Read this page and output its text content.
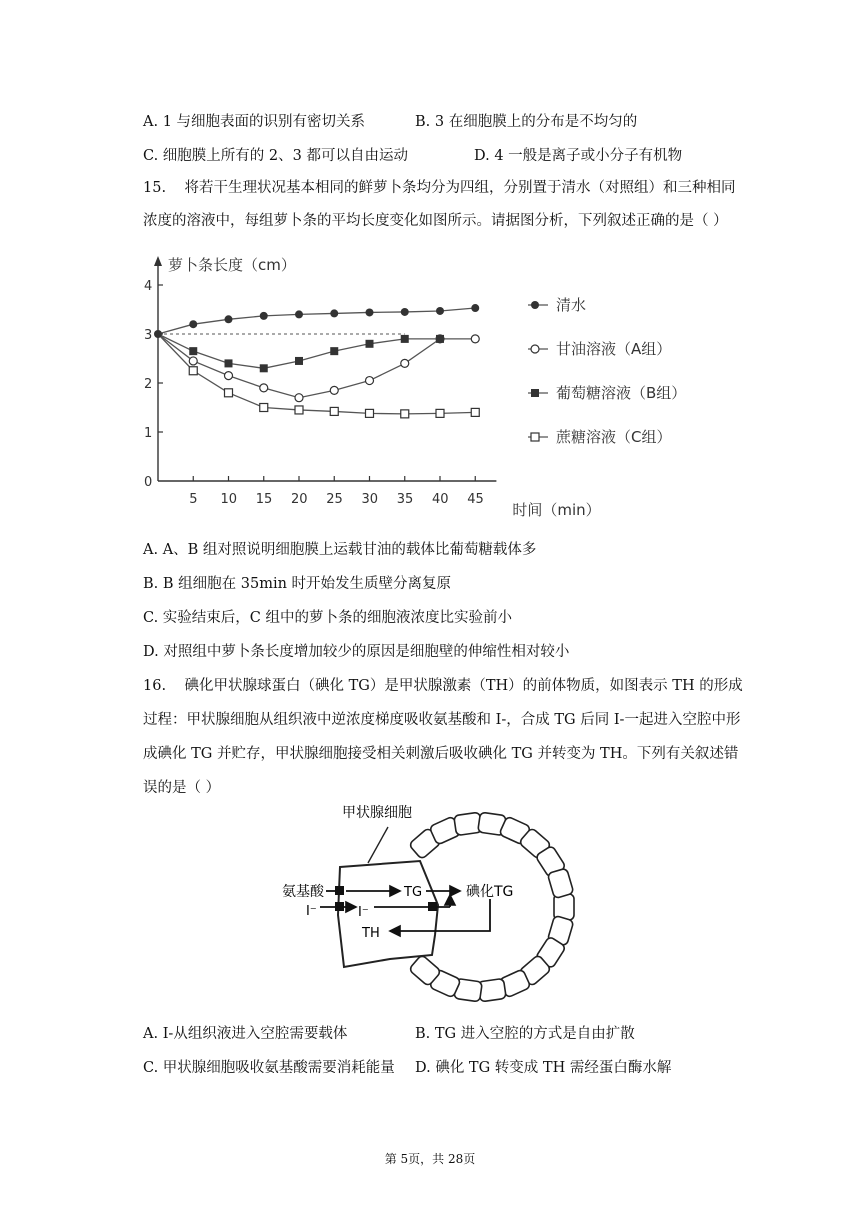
A. 1 与细胞表面的识别有密切关系	B. 3 在细胞膜上的分布是不均匀的
C. 细胞膜上所有的 2、3 都可以自由运动	D. 4 一般是离子或小分子有机物
15. 将若干生理状况基本相同的鲜萝卜条均分为四组，分别置于清水（对照组）和三种相同
浓度的溶液中，每组萝卜条的平均长度变化如图所示。请据图分析，下列叙述正确的是（ ）
萝卜条长度（cm）
时间（min）
0
1
2
3
4
5 10 15 20 25 30 35 40 45
清水
甘油溶液（A组）
葡萄糖溶液（B组）
蔗糖溶液（C组）
A. A、B 组对照说明细胞膜上运载甘油的载体比葡萄糖载体多
B. B 组细胞在 35min 时开始发生质壁分离复原
C. 实验结束后，C 组中的萝卜条的细胞液浓度比实验前小
D. 对照组中萝卜条长度增加较少的原因是细胞壁的伸缩性相对较小
16. 碘化甲状腺球蛋白（碘化 TG）是甲状腺激素（TH）的前体物质，如图表示 TH 的形成
过程：甲状腺细胞从组织液中逆浓度梯度吸收氨基酸和 I-，合成 TG 后同 I-一起进入空腔中形
成碘化 TG 并贮存，甲状腺细胞接受相关刺激后吸收碘化 TG 并转变为 TH。下列有关叙述错
误的是（ ）
甲状腺细胞
氨基酸
I⁻	I⁻
TG	碘化TG
TH
A. I-从组织液进入空腔需要载体	B. TG 进入空腔的方式是自由扩散
C. 甲状腺细胞吸收氨基酸需要消耗能量 D. 碘化 TG 转变成 TH 需经蛋白酶水解
第 5页，共 28页
